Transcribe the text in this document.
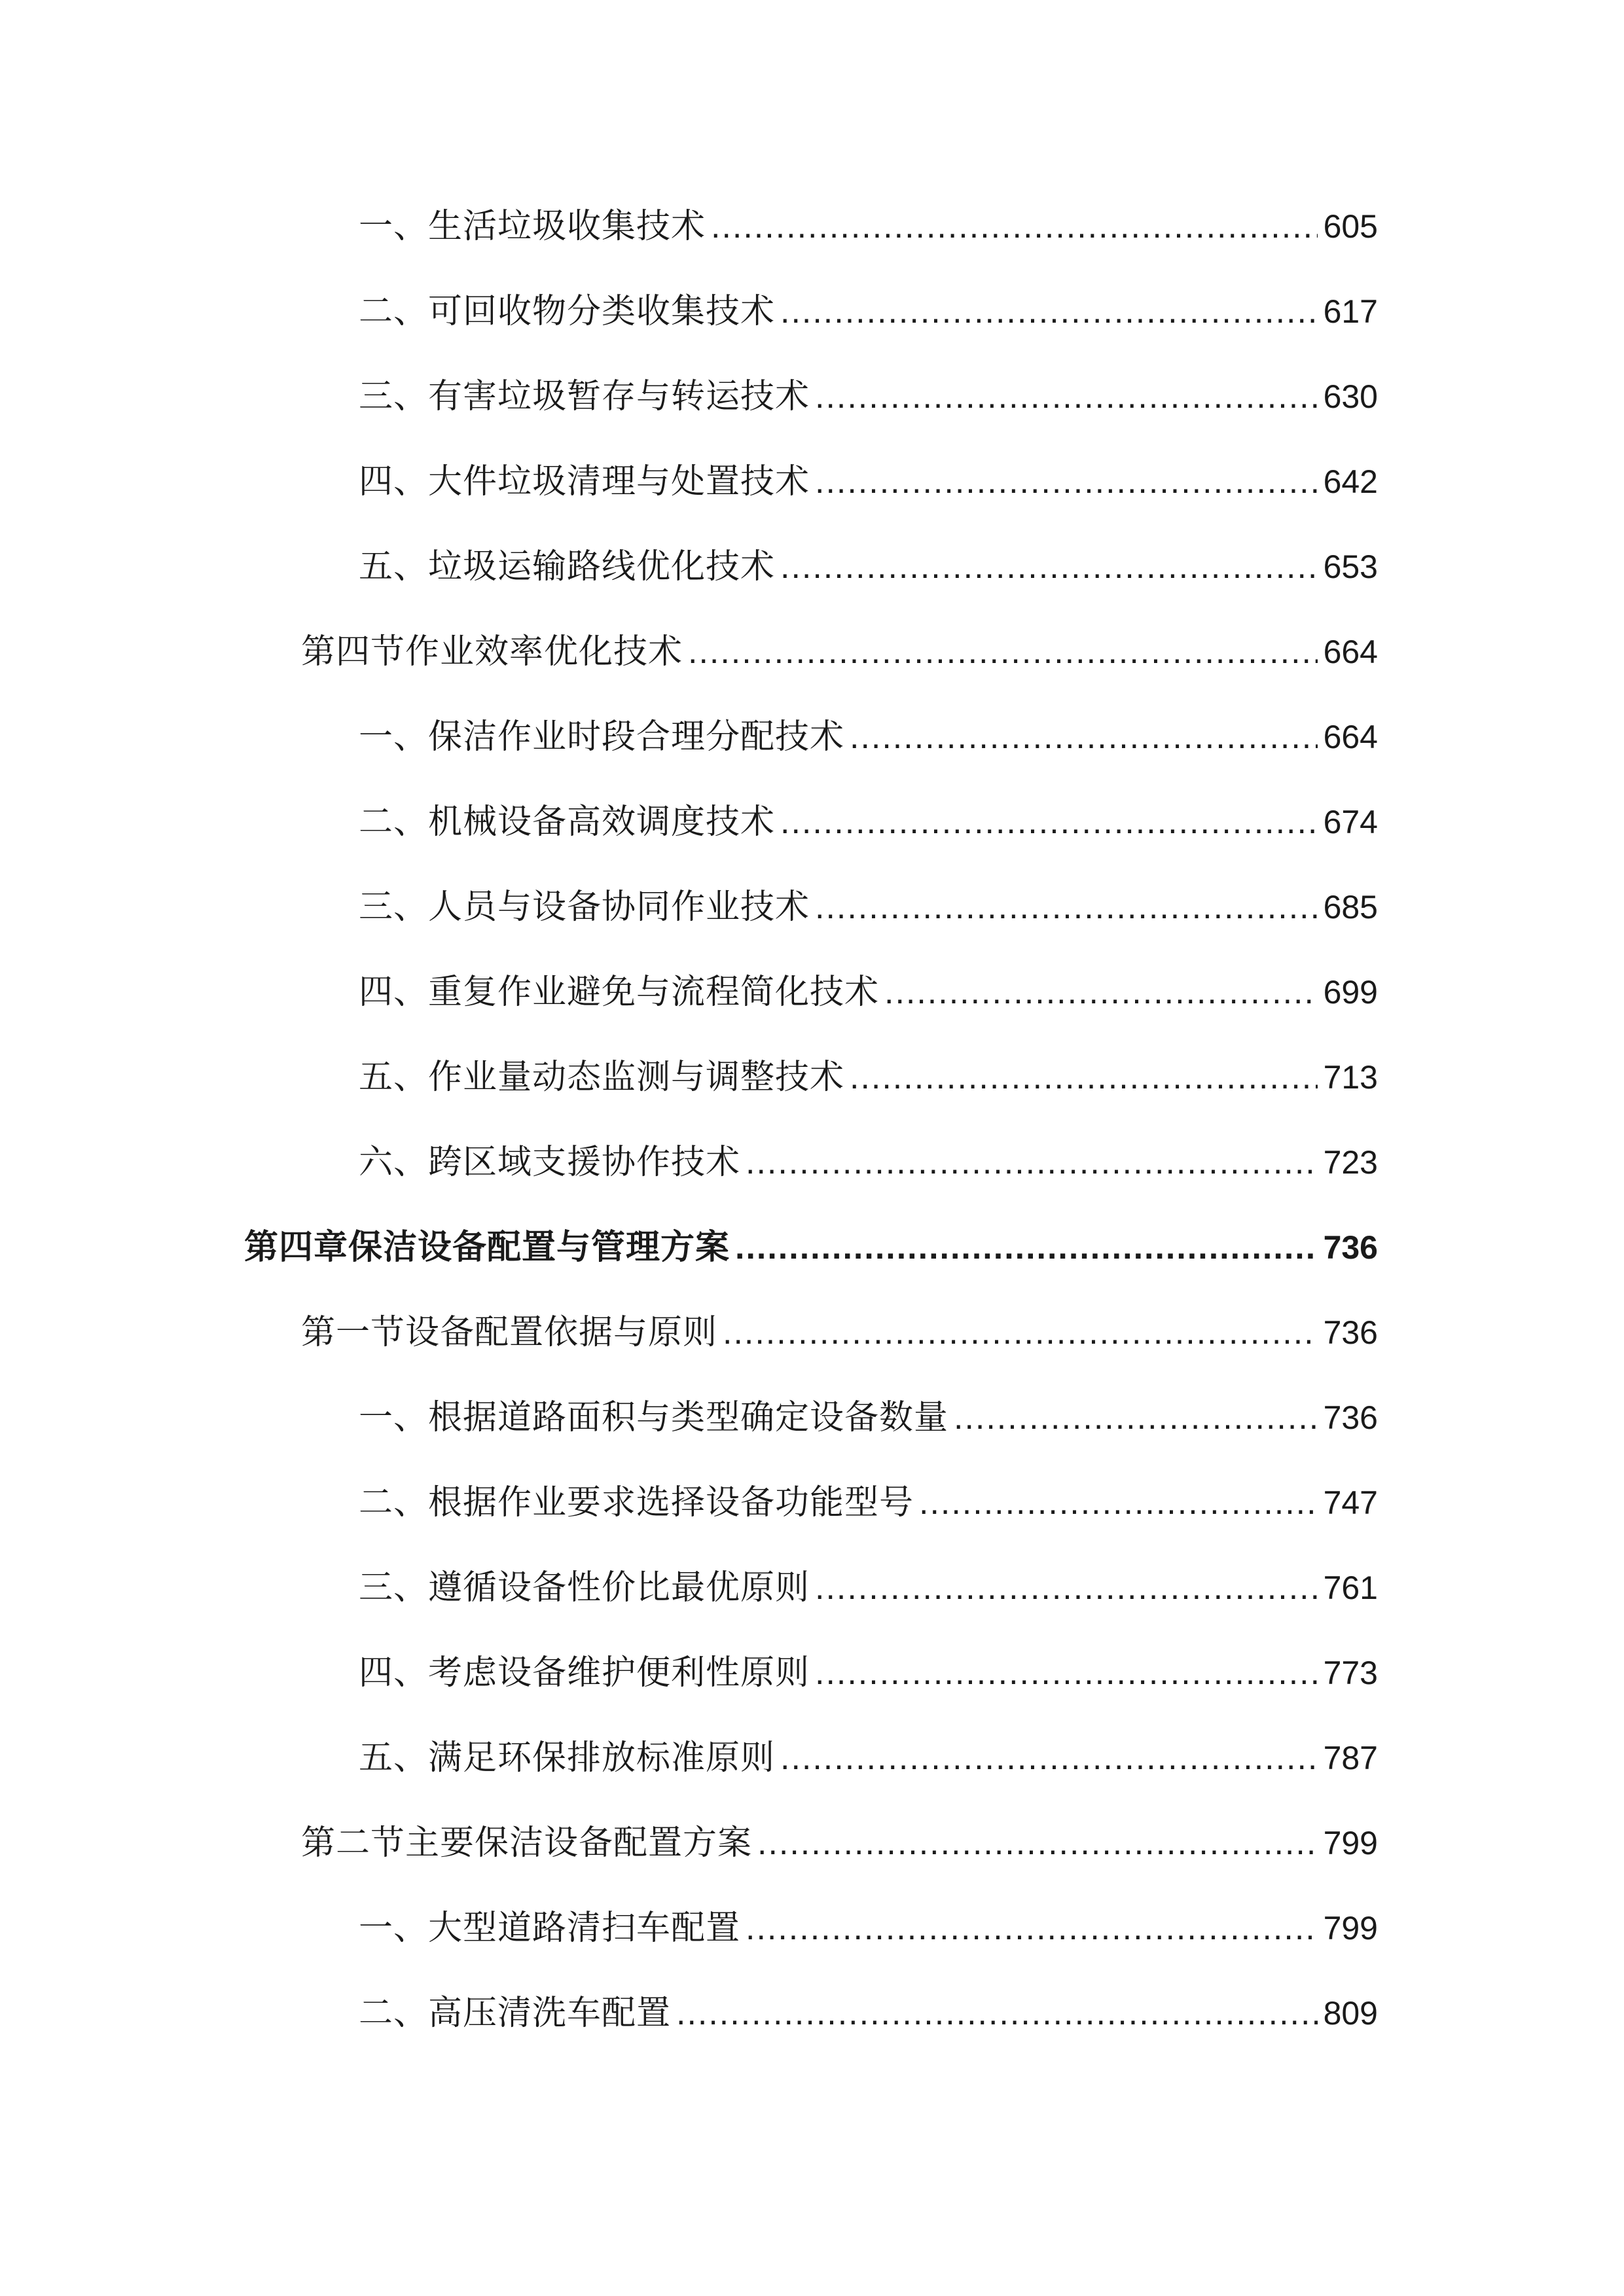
一、生活垃圾收集技术 .....	605
二、可回收物分类收集技术 .....	617
三、有害垃圾暂存与转运技术 .....	630
四、大件垃圾清理与处置技术 .....	642
五、垃圾运输路线优化技术 .....	653
第四节作业效率优化技术 .....	664
一、保洁作业时段合理分配技术 .....	664
二、机械设备高效调度技术 .....	674
三、人员与设备协同作业技术 .....	685
四、重复作业避免与流程简化技术 .....	699
五、作业量动态监测与调整技术 .....	713
六、跨区域支援协作技术 .....	723
第四章保洁设备配置与管理方案 .....	736
第一节设备配置依据与原则 .....	736
一、根据道路面积与类型确定设备数量 .....	736
二、根据作业要求选择设备功能型号 .....	747
三、遵循设备性价比最优原则 .....	761
四、考虑设备维护便利性原则 .....	773
五、满足环保排放标准原则 .....	787
第二节主要保洁设备配置方案 .....	799
一、大型道路清扫车配置 .....	799
二、高压清洗车配置 .....	809
